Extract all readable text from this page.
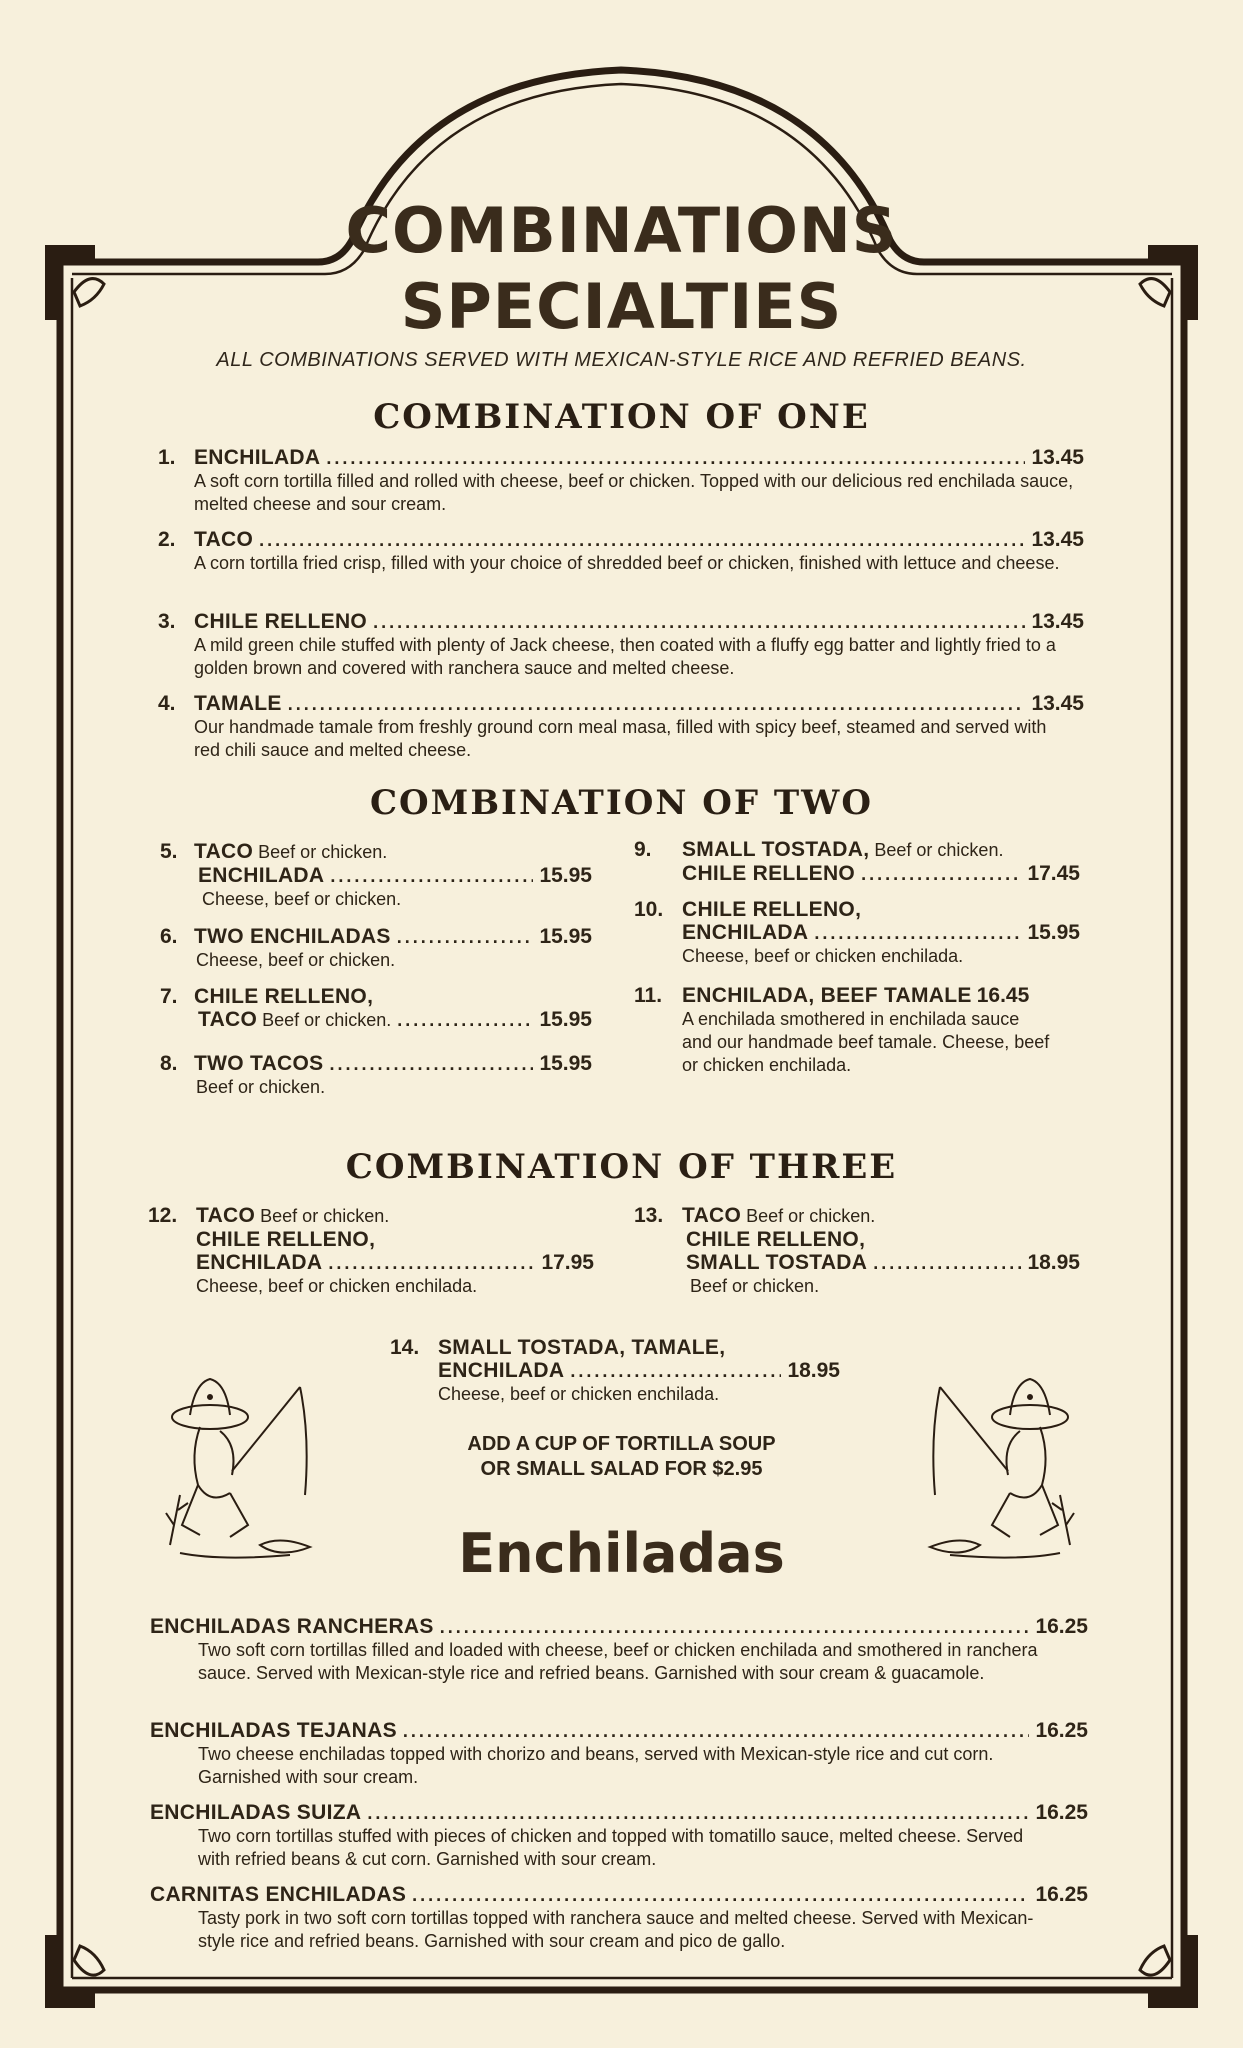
COMBINATIONS
SPECIALTIES
ALL COMBINATIONS SERVED WITH MEXICAN-STYLE RICE AND REFRIED BEANS.
COMBINATION OF ONE
1. ENCHILADA .....	13.45
A soft corn tortilla filled and rolled with cheese, beef or chicken. Topped with our delicious red enchilada sauce, melted cheese and sour cream.
2. TACO .....	13.45
A corn tortilla fried crisp, filled with your choice of shredded beef or chicken, finished with lettuce and cheese.
3. CHILE RELLENO .....	13.45
A mild green chile stuffed with plenty of Jack cheese, then coated with a fluffy egg batter and lightly fried to a golden brown and covered with ranchera sauce and melted cheese.
4. TAMALE .....	13.45
Our handmade tamale from freshly ground corn meal masa, filled with spicy beef, steamed and served with red chili sauce and melted cheese.
COMBINATION OF TWO
5. TACO
Beef or chicken.
ENCHILADA .....	15.95
Cheese, beef or chicken.
6. TWO ENCHILADAS .....	15.95
Cheese, beef or chicken.
7. CHILE RELLENO,
TACO
Beef or chicken. .....	15.95
8. TWO TACOS .....	15.95
Beef or chicken.
9.	SMALL TOSTADA,
Beef or chicken.
CHILE RELLENO .....	17.45
10. CHILE RELLENO,
ENCHILADA .....	15.95
Cheese, beef or chicken enchilada.
11. ENCHILADA, BEEF TAMALE
16.45
A enchilada smothered in enchilada sauce and our handmade beef tamale. Cheese, beef or chicken enchilada.
COMBINATION OF THREE
12. TACO
Beef or chicken.
CHILE RELLENO,
ENCHILADA .....	17.95
Cheese, beef or chicken enchilada.
13. TACO
Beef or chicken.
CHILE RELLENO,
SMALL TOSTADA .....	18.95
Beef or chicken.
14. SMALL TOSTADA, TAMALE,
ENCHILADA .....	18.95
Cheese, beef or chicken enchilada.
ADD A CUP OF TORTILLA SOUP
OR SMALL SALAD FOR $2.95
Enchiladas
ENCHILADAS RANCHERAS .....	16.25
Two soft corn tortillas filled and loaded with cheese, beef or chicken enchilada and smothered in ranchera sauce. Served with Mexican-style rice and refried beans. Garnished with sour cream & guacamole.
ENCHILADAS TEJANAS .....	16.25
Two cheese enchiladas topped with chorizo and beans, served with Mexican-style rice and cut corn. Garnished with sour cream.
ENCHILADAS SUIZA .....	16.25
Two corn tortillas stuffed with pieces of chicken and topped with tomatillo sauce, melted cheese. Served with refried beans & cut corn. Garnished with sour cream.
CARNITAS ENCHILADAS .....	16.25
Tasty pork in two soft corn tortillas topped with ranchera sauce and melted cheese. Served with Mexican-style rice and refried beans. Garnished with sour cream and pico de gallo.
